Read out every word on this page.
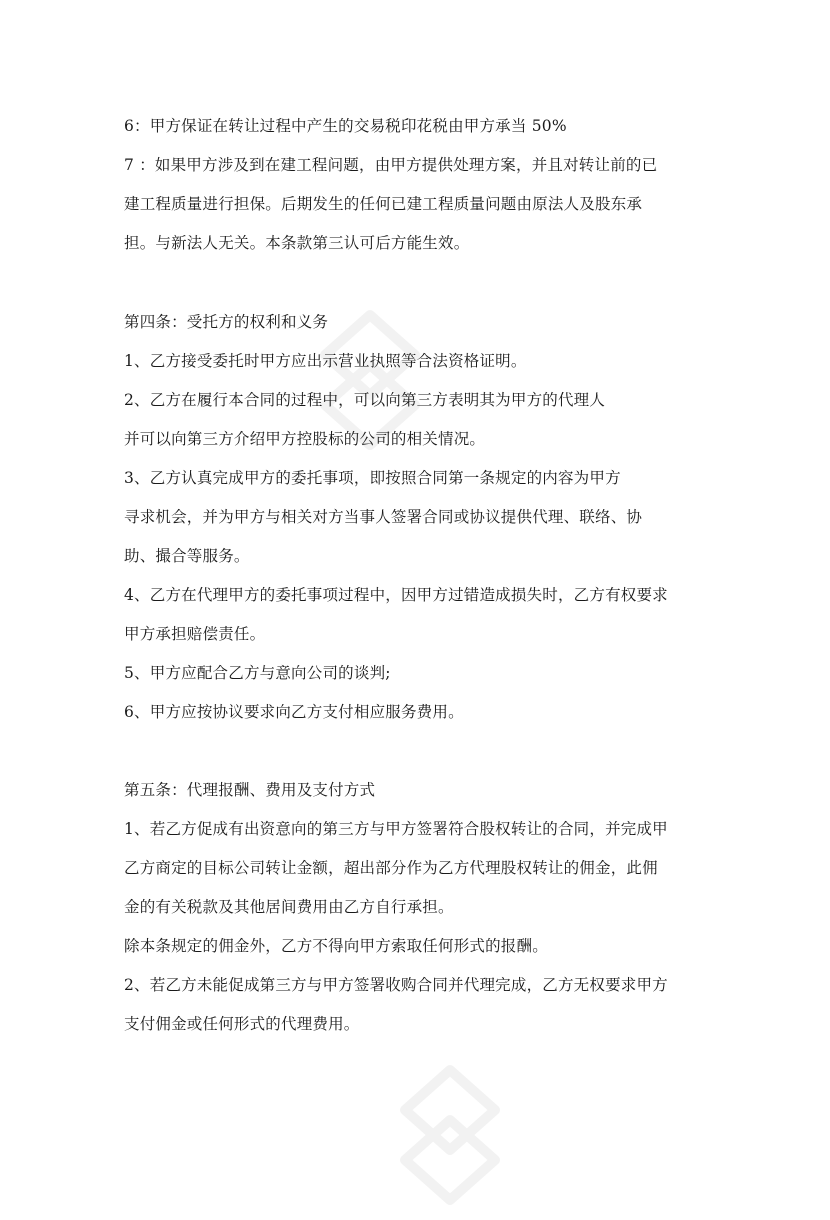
6：甲方保证在转让过程中产生的交易税印花税由甲方承当 50%
7 ：如果甲方涉及到在建工程问题，由甲方提供处理方案，并且对转让前的已
建工程质量进行担保。后期发生的任何已建工程质量问题由原法人及股东承
担。与新法人无关。本条款第三认可后方能生效。
第四条：受托方的权利和义务
1、乙方接受委托时甲方应出示营业执照等合法资格证明。
2、乙方在履行本合同的过程中，可以向第三方表明其为甲方的代理人
并可以向第三方介绍甲方控股标的公司的相关情况。
3、乙方认真完成甲方的委托事项，即按照合同第一条规定的内容为甲方
寻求机会，并为甲方与相关对方当事人签署合同或协议提供代理、联络、协
助、撮合等服务。
4、乙方在代理甲方的委托事项过程中，因甲方过错造成损失时，乙方有权要求
甲方承担赔偿责任。
5、甲方应配合乙方与意向公司的谈判;
6、甲方应按协议要求向乙方支付相应服务费用。
第五条：代理报酬、费用及支付方式
1、若乙方促成有出资意向的第三方与甲方签署符合股权转让的合同，并完成甲
乙方商定的目标公司转让金额，超出部分作为乙方代理股权转让的佣金，此佣
金的有关税款及其他居间费用由乙方自行承担。
除本条规定的佣金外，乙方不得向甲方索取任何形式的报酬。
2、若乙方未能促成第三方与甲方签署收购合同并代理完成，乙方无权要求甲方
支付佣金或任何形式的代理费用。
